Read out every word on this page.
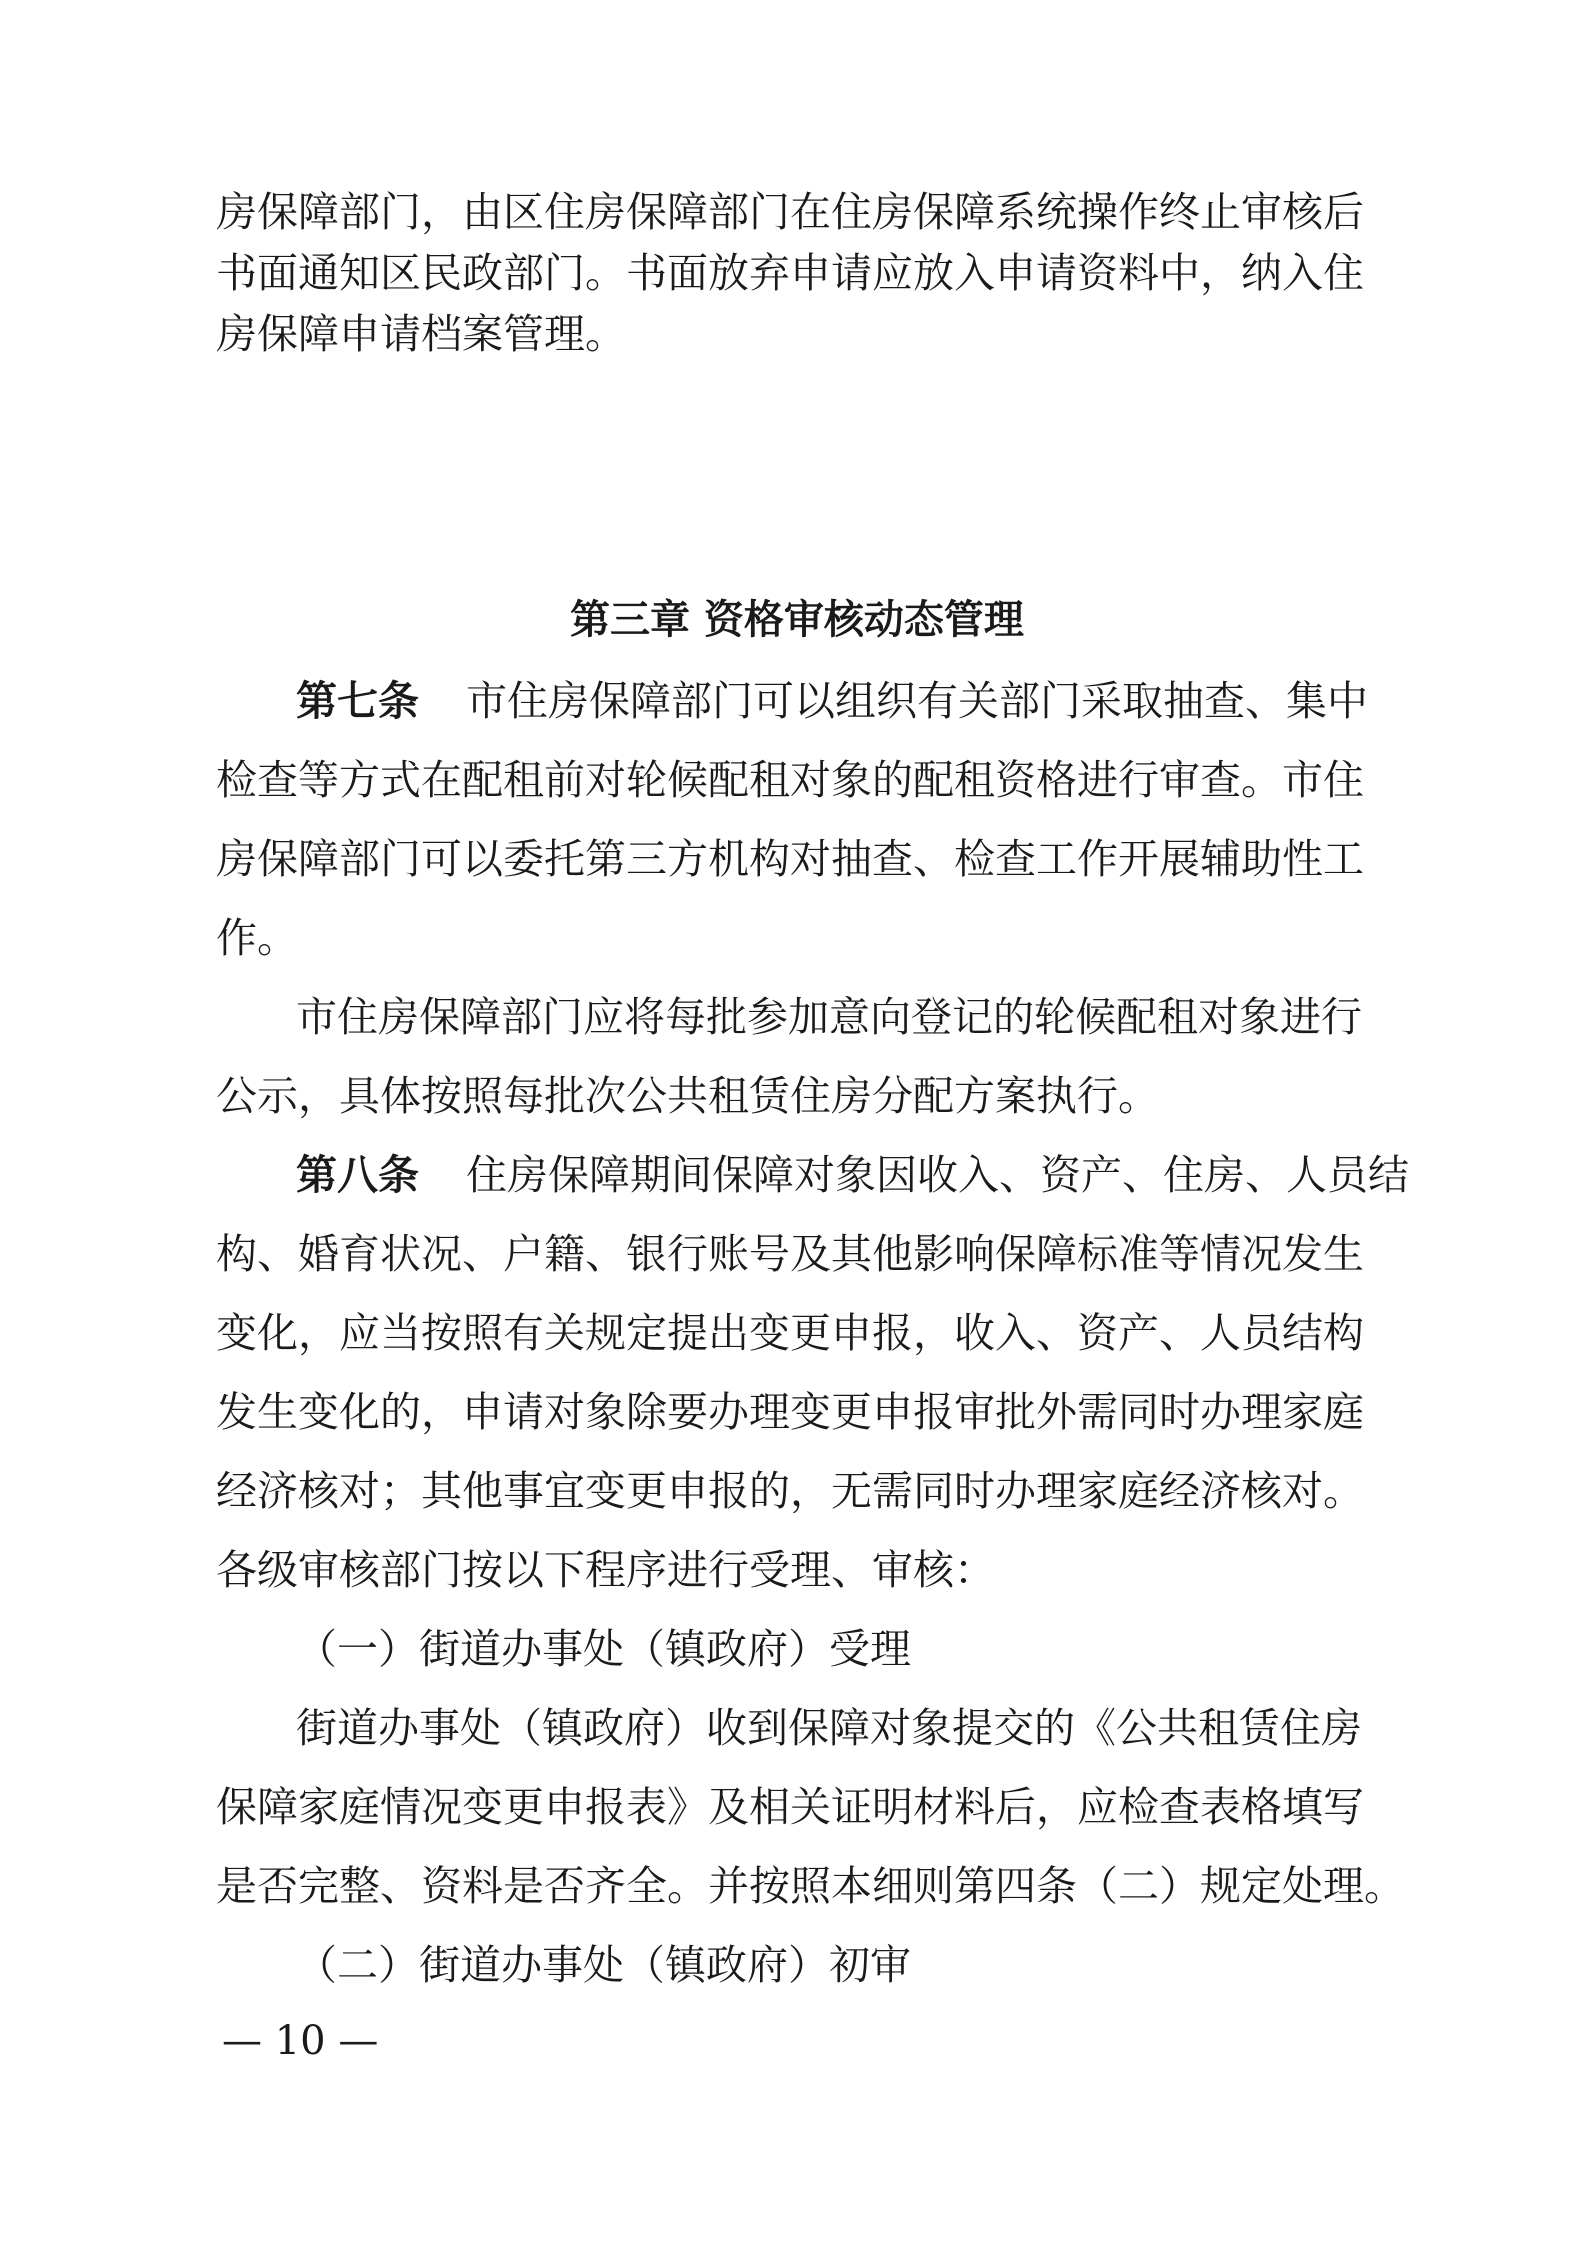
房保障部门，由区住房保障部门在住房保障系统操作终止审核后
书面通知区民政部门。书面放弃申请应放入申请资料中，纳入住
房保障申请档案管理。
第三章 资格审核动态管理
第七条 市住房保障部门可以组织有关部门采取抽查、集中
检查等方式在配租前对轮候配租对象的配租资格进行审查。市住
房保障部门可以委托第三方机构对抽查、检查工作开展辅助性工
作。
市住房保障部门应将每批参加意向登记的轮候配租对象进行
公示，具体按照每批次公共租赁住房分配方案执行。
第八条 住房保障期间保障对象因收入、资产、住房、人员结
构、婚育状况、户籍、银行账号及其他影响保障标准等情况发生
变化，应当按照有关规定提出变更申报，收入、资产、人员结构
发生变化的，申请对象除要办理变更申报审批外需同时办理家庭
经济核对；其他事宜变更申报的，无需同时办理家庭经济核对。
各级审核部门按以下程序进行受理、审核：
（一）街道办事处（镇政府）受理
街道办事处（镇政府）收到保障对象提交的《公共租赁住房
保障家庭情况变更申报表》及相关证明材料后，应检查表格填写
是否完整、资料是否齐全。并按照本细则第四条（二）规定处理。
（二）街道办事处（镇政府）初审
— 10 —
